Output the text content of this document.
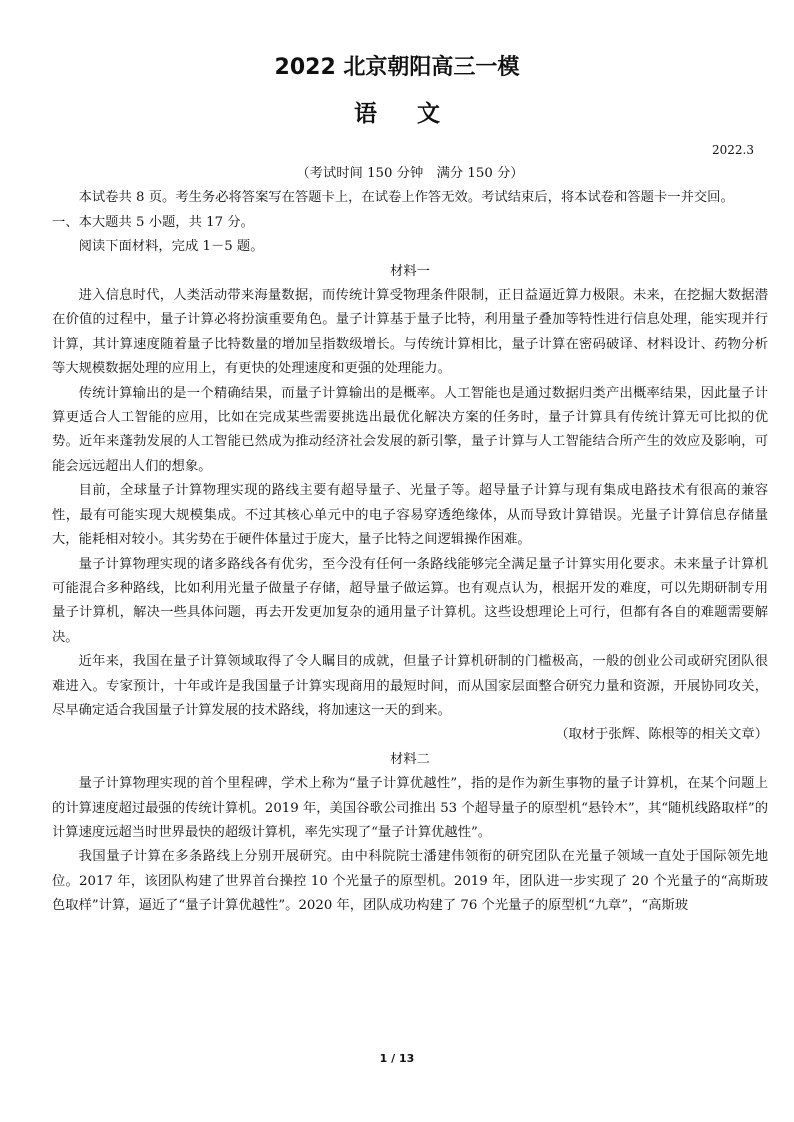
2022 北京朝阳高三一模
语文
2022.3

（考试时间 150 分钟　满分 150 分）

本试卷共 8 页。考生务必将答案写在答题卡上，在试卷上作答无效。考试结束后，将本试卷和答题卡一并交回。

一、本大题共 5 小题，共 17 分。

阅读下面材料，完成 1－5 题。

材料一

进入信息时代，人类活动带来海量数据，而传统计算受物理条件限制，正日益逼近算力极限。未来，在挖掘大数据潜在价值的过程中，量子计算必将扮演重要角色。量子计算基于量子比特，利用量子叠加等特性进行信息处理，能实现并行计算，其计算速度随着量子比特数量的增加呈指数级增长。与传统计算相比，量子计算在密码破译、材料设计、药物分析等大规模数据处理的应用上，有更快的处理速度和更强的处理能力。

传统计算输出的是一个精确结果，而量子计算输出的是概率。人工智能也是通过数据归类产出概率结果，因此量子计算更适合人工智能的应用，比如在完成某些需要挑选出最优化解决方案的任务时，量子计算具有传统计算无可比拟的优势。近年来蓬勃发展的人工智能已然成为推动经济社会发展的新引擎，量子计算与人工智能结合所产生的效应及影响，可能会远远超出人们的想象。

目前，全球量子计算物理实现的路线主要有超导量子、光量子等。超导量子计算与现有集成电路技术有很高的兼容性，最有可能实现大规模集成。不过其核心单元中的电子容易穿透绝缘体，从而导致计算错误。光量子计算信息存储量大，能耗相对较小。其劣势在于硬件体量过于庞大，量子比特之间逻辑操作困难。

量子计算物理实现的诸多路线各有优劣，至今没有任何一条路线能够完全满足量子计算实用化要求。未来量子计算机可能混合多种路线，比如利用光量子做量子存储，超导量子做运算。也有观点认为，根据开发的难度，可以先期研制专用量子计算机，解决一些具体问题，再去开发更加复杂的通用量子计算机。这些设想理论上可行，但都有各自的难题需要解决。

近年来，我国在量子计算领域取得了令人瞩目的成就，但量子计算机研制的门槛极高，一般的创业公司或研究团队很难进入。专家预计，十年或许是我国量子计算实现商用的最短时间，而从国家层面整合研究力量和资源，开展协同攻关，尽早确定适合我国量子计算发展的技术路线，将加速这一天的到来。

（取材于张辉、陈根等的相关文章）

材料二

量子计算物理实现的首个里程碑，学术上称为“量子计算优越性”，指的是作为新生事物的量子计算机，在某个问题上的计算速度超过最强的传统计算机。2019 年，美国谷歌公司推出 53 个超导量子的原型机“悬铃木”，其“随机线路取样”的计算速度远超当时世界最快的超级计算机，率先实现了“量子计算优越性”。

我国量子计算在多条路线上分别开展研究。由中科院院士潘建伟领衔的研究团队在光量子领域一直处于国际领先地位。2017 年，该团队构建了世界首台操控 10 个光量子的原型机。2019 年，团队进一步实现了 20 个光量子的“高斯玻色取样”计算，逼近了“量子计算优越性”。2020 年，团队成功构建了 76 个光量子的原型机“九章”，“高斯玻

1 / 13
